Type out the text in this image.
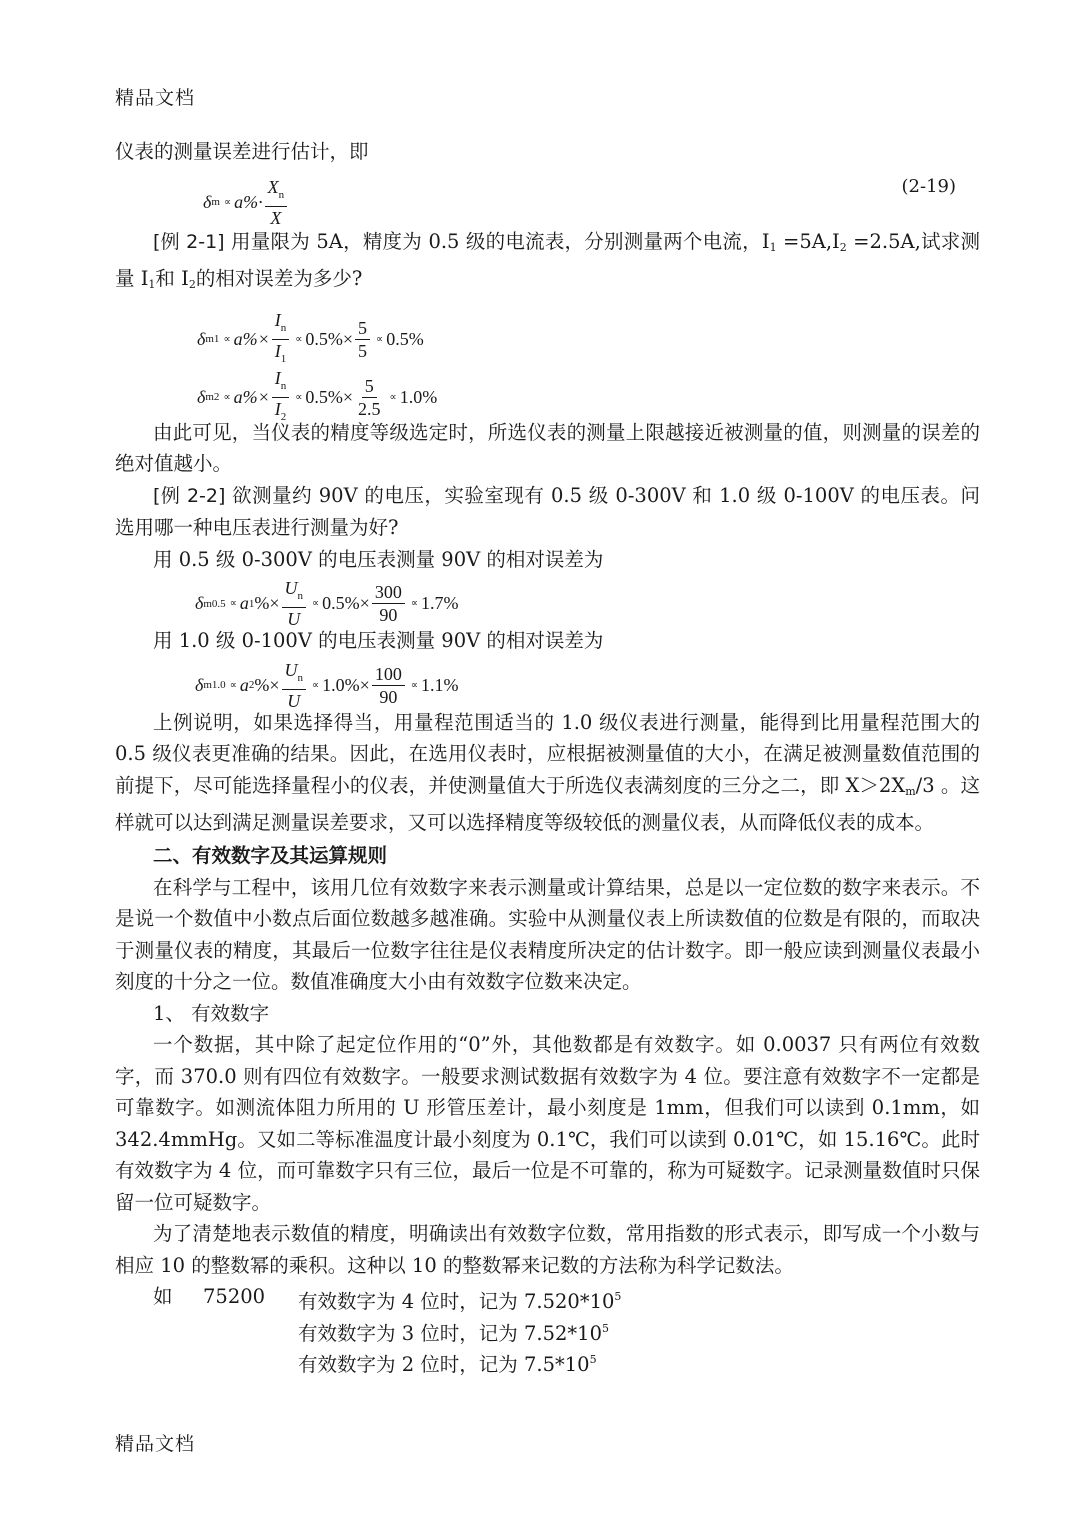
精品文档

仪表的测量误差进行估计，即

δ $m \propto a\%\cdot \frac{X_n}{X}$	(2-19)

[例 2-1] 用量限为 5A，精度为 0.5 级的电流表，分别测量两个电流，I1 =5A,I2 =2.5A,试求测量 I1和 I2的相对误差为多少?

δ $m1 \propto a\%\times \frac{I_n}{I_1} \propto 0.5\%\times \frac{5}{5} \propto 0.5\%$
δ $m2 \propto a\%\times \frac{I_n}{I_2} \propto 0.5\%\times \frac{5}{2.5} \propto 1.0\%$

由此可见，当仪表的精度等级选定时，所选仪表的测量上限越接近被测量的值，则测量的误差的绝对值越小。

[例 2-2] 欲测量约 90V 的电压，实验室现有 0.5 级 0-300V 和 1.0 级 0-100V 的电压表。问选用哪一种电压表进行测量为好?

用 0.5 级 0-300V 的电压表测量 90V 的相对误差为

δ m0.5 ∝ a 1 %× $\frac{U_n}{U} \propto 0.5\%\times \frac{300}{90} \propto 1.7\%$

用 1.0 级 0-100V 的电压表测量 90V 的相对误差为

δ m1.0 ∝ a 2 %× $\frac{U_n}{U} \propto 1.0\%\times \frac{100}{90} \propto 1.1\%$

上例说明，如果选择得当，用量程范围适当的 1.0 级仪表进行测量，能得到比用量程范围大的 0.5 级仪表更准确的结果。因此，在选用仪表时，应根据被测量值的大小，在满足被测量数值范围的前提下，尽可能选择量程小的仪表，并使测量值大于所选仪表满刻度的三分之二，即 X＞2Xm/3 。这样就可以达到满足测量误差要求，又可以选择精度等级较低的测量仪表，从而降低仪表的成本。

二、有效数字及其运算规则

在科学与工程中，该用几位有效数字来表示测量或计算结果，总是以一定位数的数字来表示。不是说一个数值中小数点后面位数越多越准确。实验中从测量仪表上所读数值的位数是有限的，而取决于测量仪表的精度，其最后一位数字往往是仪表精度所决定的估计数字。即一般应读到测量仪表最小刻度的十分之一位。数值准确度大小由有效数字位数来决定。

1、 有效数字

一个数据，其中除了起定位作用的“0”外，其他数都是有效数字。如 0.0037 只有两位有效数字，而 370.0 则有四位有效数字。一般要求测试数据有效数字为 4 位。要注意有效数字不一定都是可靠数字。如测流体阻力所用的 U 形管压差计，最小刻度是 1mm，但我们可以读到 0.1mm，如 342.4mmHg。又如二等标准温度计最小刻度为 0.1℃，我们可以读到 0.01℃，如 15.16℃。此时有效数字为 4 位，而可靠数字只有三位，最后一位是不可靠的，称为可疑数字。记录测量数值时只保留一位可疑数字。

为了清楚地表示数值的精度，明确读出有效数字位数，常用指数的形式表示，即写成一个小数与相应 10 的整数幂的乘积。这种以 10 的整数幂来记数的方法称为科学记数法。

如 75200 有效数字为 4 位时，记为 $7.520*10^5$
有效数字为 3 位时，记为 $7.52*10^5$
有效数字为 2 位时，记为 $7.5*10^5$
精品文档
